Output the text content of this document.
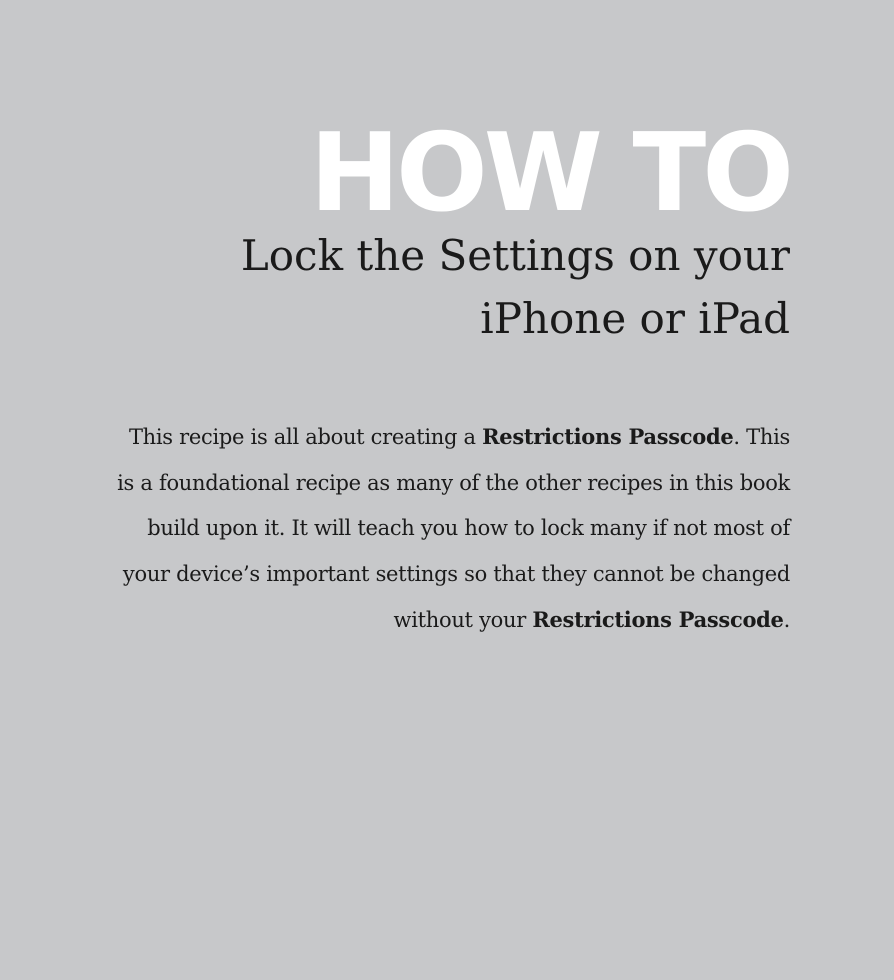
HOW TO
Lock the Settings on your
iPhone or iPad
This recipe is all about creating a Restrictions Passcode. This
is a foundational recipe as many of the other recipes in this book
build upon it. It will teach you how to lock many if not most of
your device’s important settings so that they cannot be changed
without your Restrictions Passcode.
